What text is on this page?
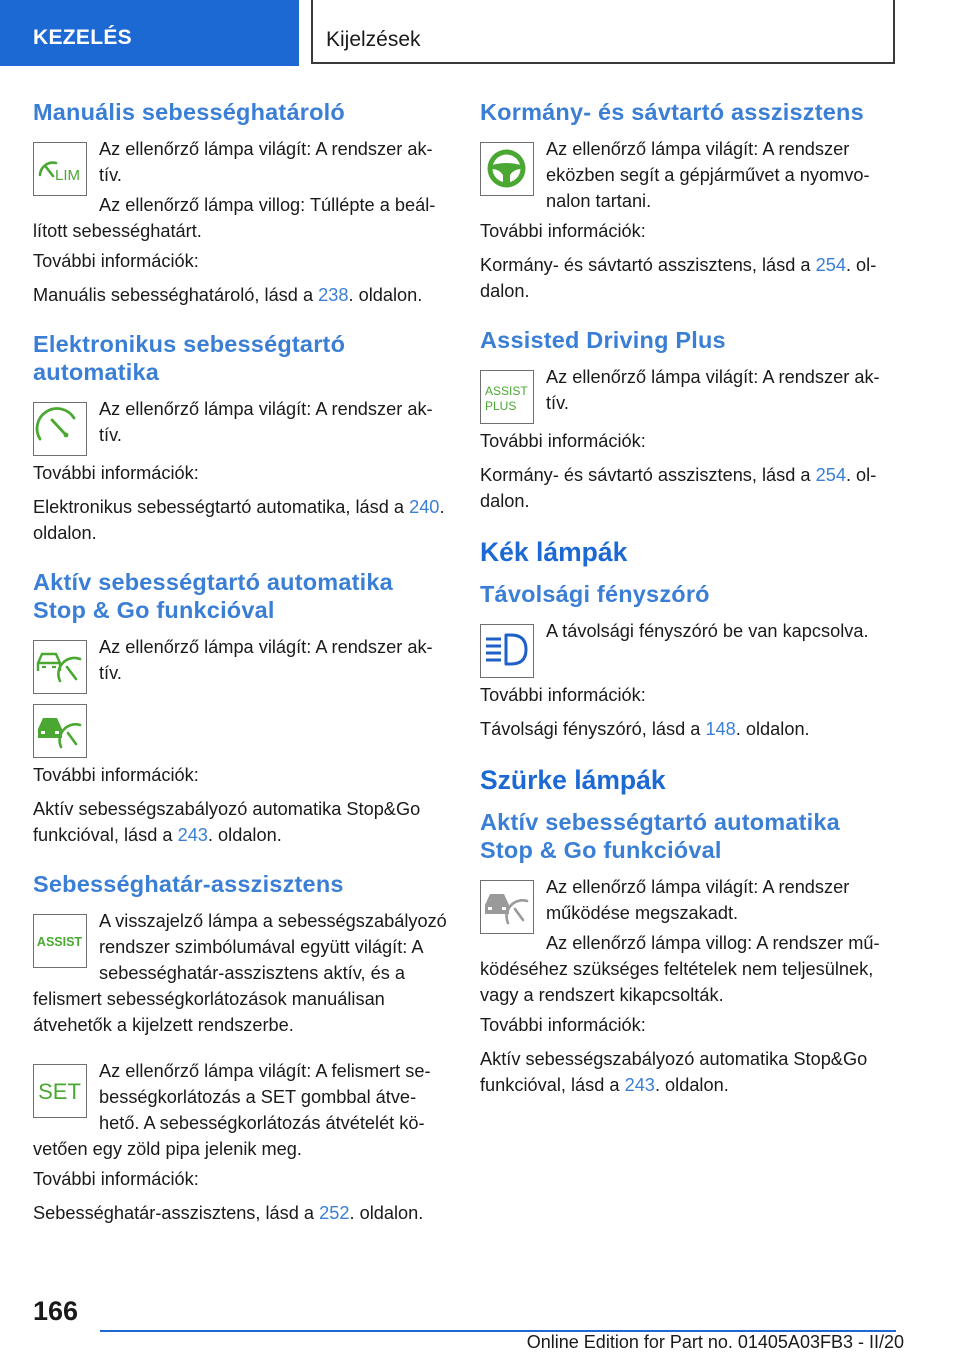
KEZELÉS	Kijelzések
Manuális sebességhatároló
LIM

Az ellenőrző lámpa világít: A rendszer aktív.

Az ellenőrző lámpa villog: Túllépte a beállított sebességhatárt.

További információk:

Manuális sebességhatároló, lásd a 238. oldalon.

Elektronikus sebességtartó automatika

Az ellenőrző lámpa világít: A rendszer aktív.

További információk:

Elektronikus sebességtartó automatika, lásd a 240. oldalon.

Aktív sebességtartó automatika Stop & Go funkcióval

Az ellenőrző lámpa világít: A rendszer aktív.

További információk:

Aktív sebességszabályozó automatika Stop&Go funkcióval, lásd a 243. oldalon.

Sebességhatár-asszisztens
ASSIST

A visszajelző lámpa a sebességszabályozó rendszer szimbólumával együtt világít: A sebességhatár-asszisztens aktív, és a felismert sebességkorlátozások manuálisan átvehetők a kijelzett rendszerbe.

SET

Az ellenőrző lámpa világít: A felismert sebességkorlátozás a SET gombbal átvehető. A sebességkorlátozás átvételét követően egy zöld pipa jelenik meg.

További információk:

Sebességhatár-asszisztens, lásd a 252. oldalon.

Kormány- és sávtartó asszisztens

Az ellenőrző lámpa világít: A rendszer eközben segít a gépjárművet a nyomvonalon tartani.

További információk:

Kormány- és sávtartó asszisztens, lásd a 254. oldalon.

Assisted Driving Plus
ASSIST
PLUS

Az ellenőrző lámpa világít: A rendszer aktív.

További információk:

Kormány- és sávtartó asszisztens, lásd a 254. oldalon.

Kék lámpák
Távolsági fényszóró

A távolsági fényszóró be van kapcsolva.

További információk:

Távolsági fényszóró, lásd a 148. oldalon.

Szürke lámpák
Aktív sebességtartó automatika Stop & Go funkcióval

Az ellenőrző lámpa világít: A rendszer működése megszakadt.

Az ellenőrző lámpa villog: A rendszer működéséhez szükséges feltételek nem teljesülnek, vagy a rendszert kikapcsolták.

További információk:

Aktív sebességszabályozó automatika Stop&Go funkcióval, lásd a 243. oldalon.

166
Online Edition for Part no. 01405A03FB3 - II/20
